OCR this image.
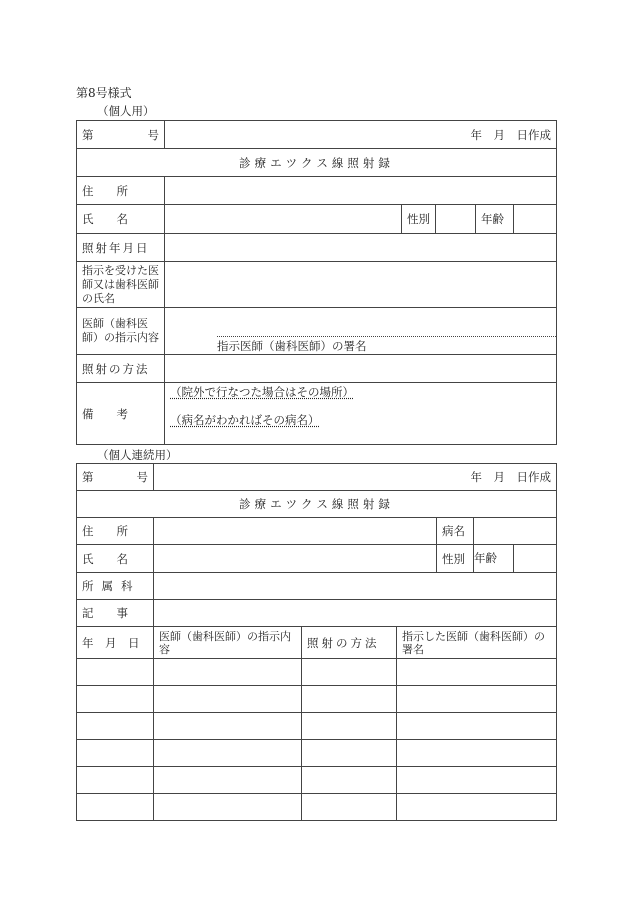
第8号様式
（個人用）
第 号	年　月　日作成				
診療エツクス線照射録					
住　　所					
氏　　名		性別		年齢	
照射年月日					
指示を受けた医師又は歯科医師の氏名					
医師（歯科医師）の指示内容	指示医師（歯科医師）の署名				

照射の方法					
備　　考	（院外で行なつた場合はその場所）
（病名がわかればその病名）				
（個人連続用）
第 号	年　月　日作成					
診療エツクス線照射録						
住　　所				病名		
氏　　名				性別		年齢

所属科						
記　　事						
年　月　日	医師（歯科医師）の指示内容	照射の方法	指示した医師（歯科医師）の署名			
